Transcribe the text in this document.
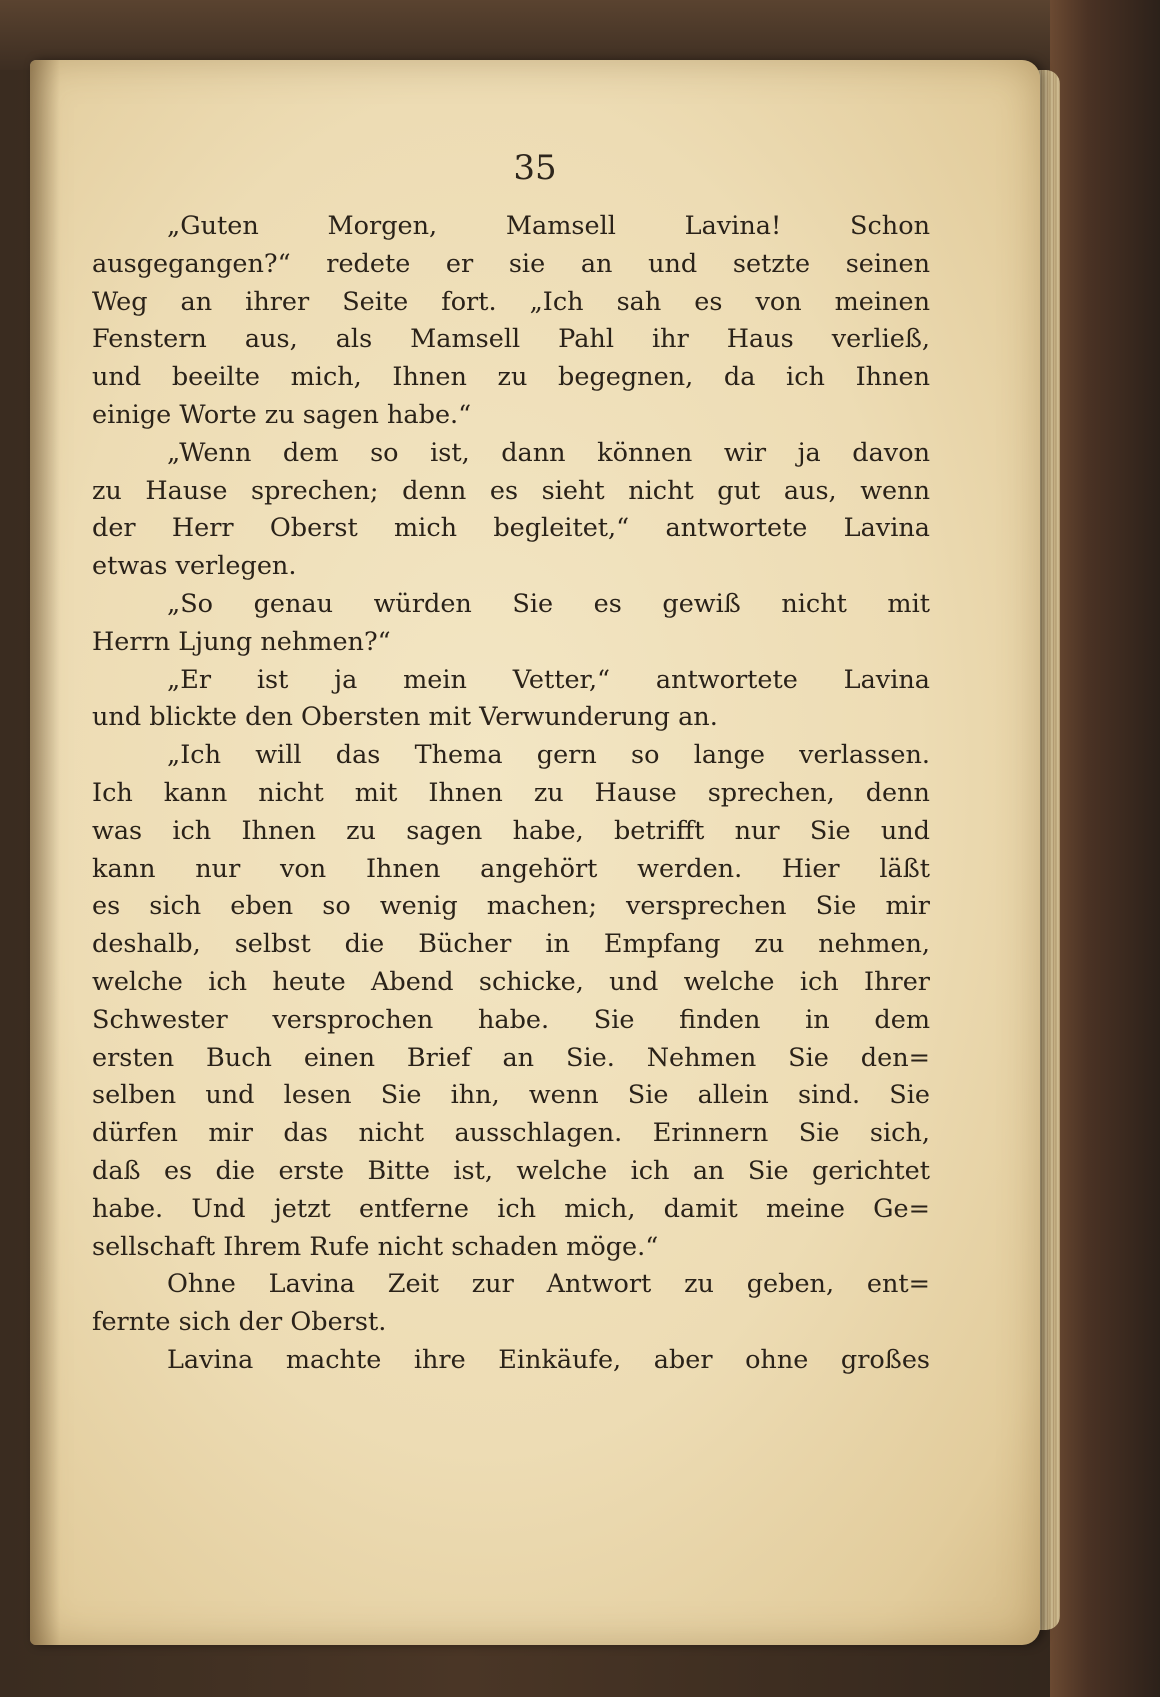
35
„Guten Morgen, Mamsell Lavina! Schon
ausgegangen?“ redete er sie an und setzte seinen
Weg an ihrer Seite fort. „Ich sah es von meinen
Fenstern aus, als Mamsell Pahl ihr Haus verließ,
und beeilte mich, Ihnen zu begegnen, da ich Ihnen
einige Worte zu sagen habe.“
„Wenn dem so ist, dann können wir ja davon
zu Hause sprechen; denn es sieht nicht gut aus, wenn
der Herr Oberst mich begleitet,“ antwortete Lavina
etwas verlegen.
„So genau würden Sie es gewiß nicht mit
Herrn Ljung nehmen?“
„Er ist ja mein Vetter,“ antwortete Lavina
und blickte den Obersten mit Verwunderung an.
„Ich will das Thema gern so lange verlassen.
Ich kann nicht mit Ihnen zu Hause sprechen, denn
was ich Ihnen zu sagen habe, betrifft nur Sie und
kann nur von Ihnen angehört werden. Hier läßt
es sich eben so wenig machen; versprechen Sie mir
deshalb, selbst die Bücher in Empfang zu nehmen,
welche ich heute Abend schicke, und welche ich Ihrer
Schwester versprochen habe. Sie finden in dem
ersten Buch einen Brief an Sie. Nehmen Sie den=
selben und lesen Sie ihn, wenn Sie allein sind. Sie
dürfen mir das nicht ausschlagen. Erinnern Sie sich,
daß es die erste Bitte ist, welche ich an Sie gerichtet
habe. Und jetzt entferne ich mich, damit meine Ge=
sellschaft Ihrem Rufe nicht schaden möge.“
Ohne Lavina Zeit zur Antwort zu geben, ent=
fernte sich der Oberst.
Lavina machte ihre Einkäufe, aber ohne großes
